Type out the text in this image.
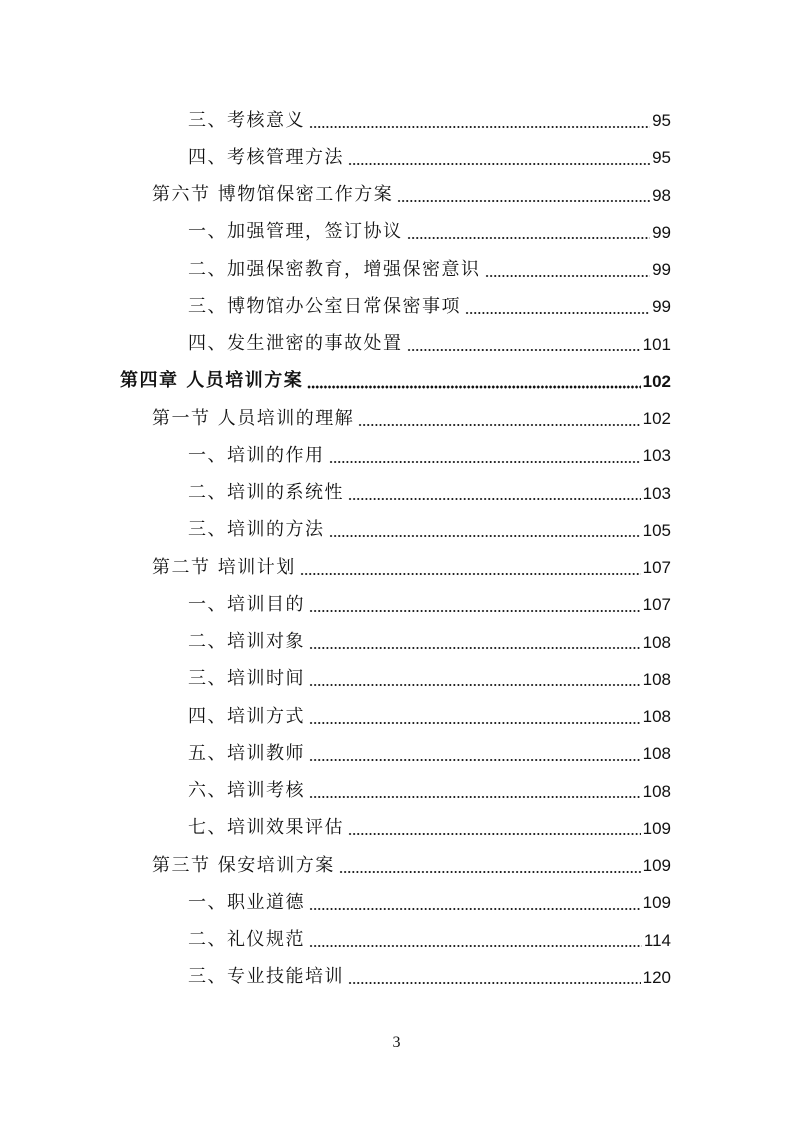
三、考核意义	95
四、考核管理方法	95
第六节 博物馆保密工作方案	98
一、加强管理，签订协议	99
二、加强保密教育，增强保密意识	99
三、博物馆办公室日常保密事项	99
四、发生泄密的事故处置	101
第四章 人员培训方案	102
第一节 人员培训的理解	102
一、培训的作用	103
二、培训的系统性	103
三、培训的方法	105
第二节 培训计划	107
一、培训目的	107
二、培训对象	108
三、培训时间	108
四、培训方式	108
五、培训教师	108
六、培训考核	108
七、培训效果评估	109
第三节 保安培训方案	109
一、职业道德	109
二、礼仪规范	114
三、专业技能培训	120
3
